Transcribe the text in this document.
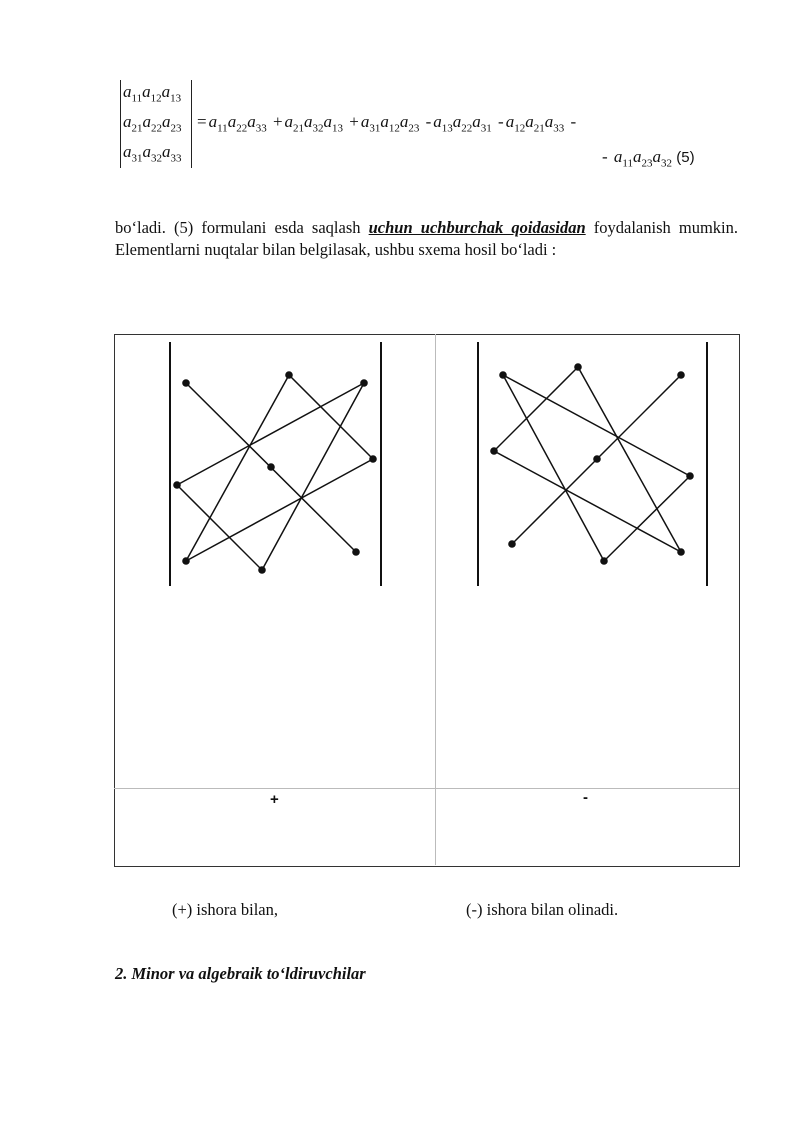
$a_{11}a_{12}a_{13}$
$a_{21}a_{22}a_{23}$
$a_{31}a_{32}a_{33}$
= $a_{11}a_{22}a_{33} + a_{21}a_{32}a_{13} + a_{31}a_{12}a_{23} - a_{13}a_{22}a_{31} - a_{12}a_{21}a_{33}$ -
- $a_{11}a_{23}a_{32}$ (5)
bo‘ladi. (5) formulani esda saqlash uchun uchburchak qoidasidan foydalanish mumkin. Elementlarni nuqtalar bilan belgilasak, ushbu sxema hosil bo‘ladi :
+	-
(+) ishora bilan,	(-) ishora bilan olinadi.
2. Minor va algebraik to‘ldiruvchilar
